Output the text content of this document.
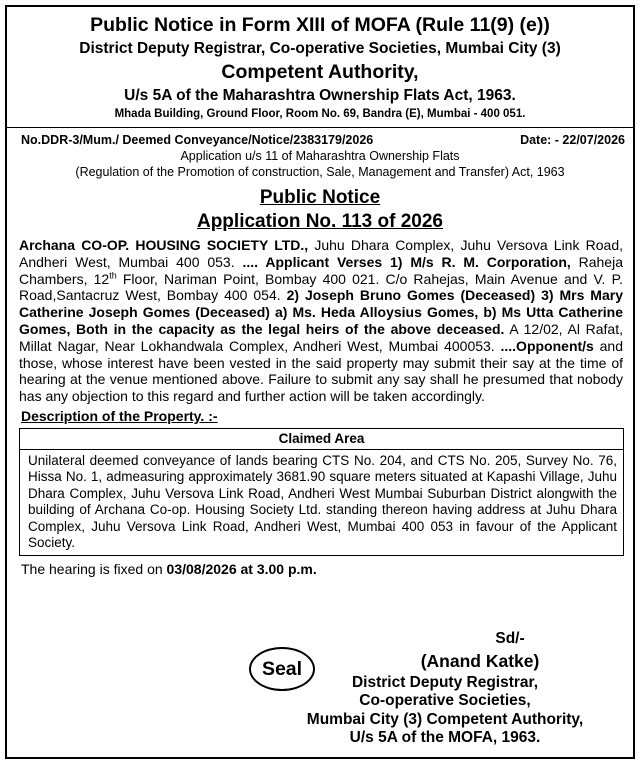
Public Notice in Form XIII of MOFA (Rule 11(9) (e))
District Deputy Registrar, Co-operative Societies, Mumbai City (3)
Competent Authority,
U/s 5A of the Maharashtra Ownership Flats Act, 1963.
Mhada Building, Ground Floor, Room No. 69, Bandra (E), Mumbai - 400 051.
No.DDR-3/Mum./ Deemed Conveyance/Notice/2383179/2026	Date: - 22/07/2026
Application u/s 11 of Maharashtra Ownership Flats
(Regulation of the Promotion of construction, Sale, Management and Transfer) Act, 1963
Public Notice
Application No. 113 of 2026
Archana CO-OP. HOUSING SOCIETY LTD., Juhu Dhara Complex, Juhu Versova Link Road, Andheri West, Mumbai 400 053. .... Applicant Verses 1) M/s R. M. Corporation, Raheja Chambers, 12th Floor, Nariman Point, Bombay 400 021. C/o Rahejas, Main Avenue and V. P. Road,Santacruz West, Bombay 400 054. 2) Joseph Bruno Gomes (Deceased) 3) Mrs Mary Catherine Joseph Gomes (Deceased) a) Ms. Heda Alloysius Gomes, b) Ms Utta Catherine Gomes, Both in the capacity as the legal heirs of the above deceased. A 12/02, Al Rafat, Millat Nagar, Near Lokhandwala Complex, Andheri West, Mumbai 400053. ....Opponent/s and those, whose interest have been vested in the said property may submit their say at the time of hearing at the venue mentioned above. Failure to submit any say shall he presumed that nobody has any objection to this regard and further action will be taken accordingly.
Description of the Property. :-
Claimed Area
Unilateral deemed conveyance of lands bearing CTS No. 204, and CTS No. 205, Survey No. 76, Hissa No. 1, admeasuring approximately 3681.90 square meters situated at Kapashi Village, Juhu Dhara Complex, Juhu Versova Link Road, Andheri West Mumbai Suburban District alongwith the building of Archana Co-op. Housing Society Ltd. standing thereon having address at Juhu Dhara Complex, Juhu Versova Link Road, Andheri West, Mumbai 400 053 in favour of the Applicant Society.
The hearing is fixed on 03/08/2026 at 3.00 p.m.
Sd/-
(Anand Katke)
Seal
District Deputy Registrar,
Co-operative Societies,
Mumbai City (3) Competent Authority,
U/s 5A of the MOFA, 1963.
